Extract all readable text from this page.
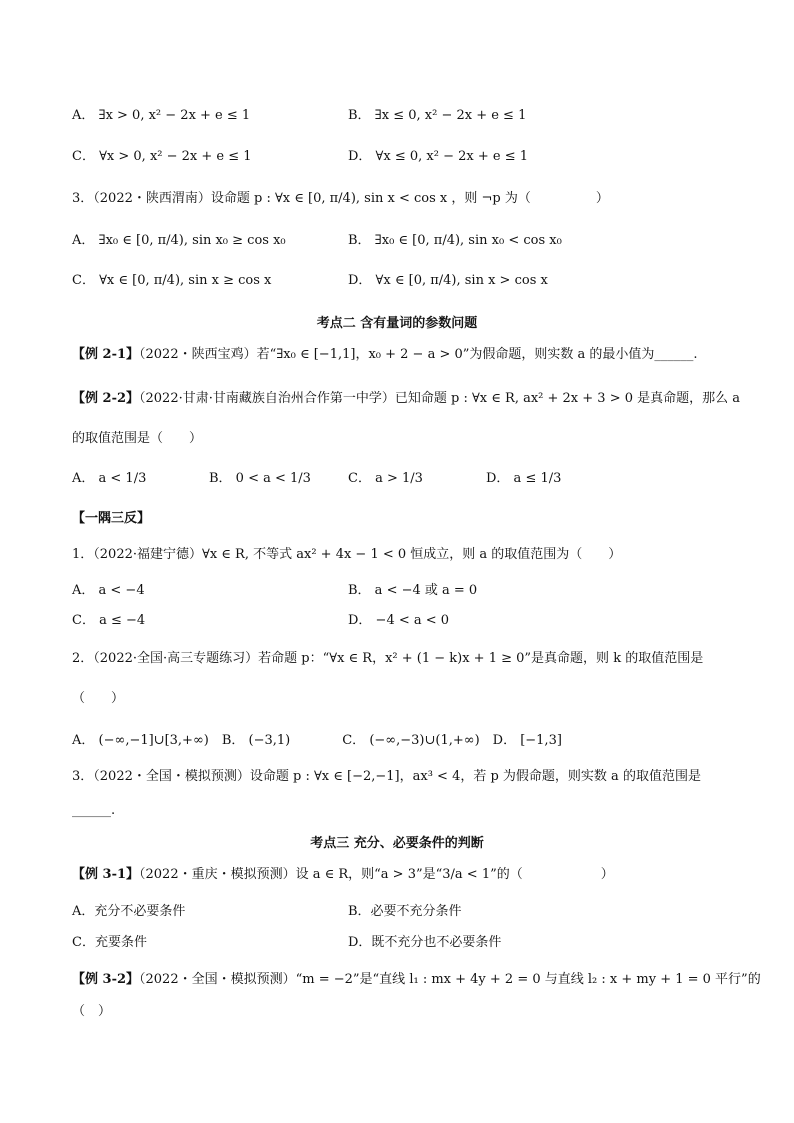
A． ∃x > 0, x² − 2x + e ≤ 1	B． ∃x ≤ 0, x² − 2x + e ≤ 1
C． ∀x > 0, x² − 2x + e ≤ 1	D． ∀x ≤ 0, x² − 2x + e ≤ 1
3．（2022・陕西渭南）设命题 p : ∀x ∈ [0, π/4), sin x < cos x ，则 ¬p 为（　　　　　）
A． ∃x₀ ∈ [0, π/4), sin x₀ ≥ cos x₀	B． ∃x₀ ∈ [0, π/4), sin x₀ < cos x₀
C． ∀x ∈ [0, π/4), sin x ≥ cos x	D． ∀x ∈ [0, π/4), sin x > cos x
考点二 含有量词的参数问题
【例 2-1】（2022・陕西宝鸡）若“∃x₀ ∈ [−1,1]，x₀ + 2 − a > 0”为假命题，则实数 a 的最小值为______.
【例 2-2】（2022·甘肃·甘南藏族自治州合作第一中学）已知命题 p : ∀x ∈ R, ax² + 2x + 3 > 0 是真命题，那么 a
的取值范围是（　　）
A． a < 1/3	B． 0 < a < 1/3	C． a > 1/3	D． a ≤ 1/3
【一隅三反】
1．（2022·福建宁德）∀x ∈ R, 不等式 ax² + 4x − 1 < 0 恒成立，则 a 的取值范围为（　　）
A． a < −4	B． a < −4 或 a = 0
C． a ≤ −4	D． −4 < a < 0
2．（2022·全国·高三专题练习）若命题 p：“∀x ∈ R，x² + (1 − k)x + 1 ≥ 0”是真命题，则 k 的取值范围是
（　　）
A． (−∞,−1]∪[3,+∞)　B． (−3,1)　　　　C． (−∞,−3)∪(1,+∞)　D． [−1,3]
3．（2022・全国・模拟预测）设命题 p : ∀x ∈ [−2,−1]，ax³ < 4，若 p 为假命题，则实数 a 的取值范围是
______.
考点三 充分、必要条件的判断
【例 3-1】（2022・重庆・模拟预测）设 a ∈ R，则“a > 3”是“3/a < 1”的（　　　　　　）
A．充分不必要条件	B．必要不充分条件
C．充要条件	D．既不充分也不必要条件
【例 3-2】（2022・全国・模拟预测）“m = −2”是“直线 l₁ : mx + 4y + 2 = 0 与直线 l₂ : x + my + 1 = 0 平行”的
（　）
